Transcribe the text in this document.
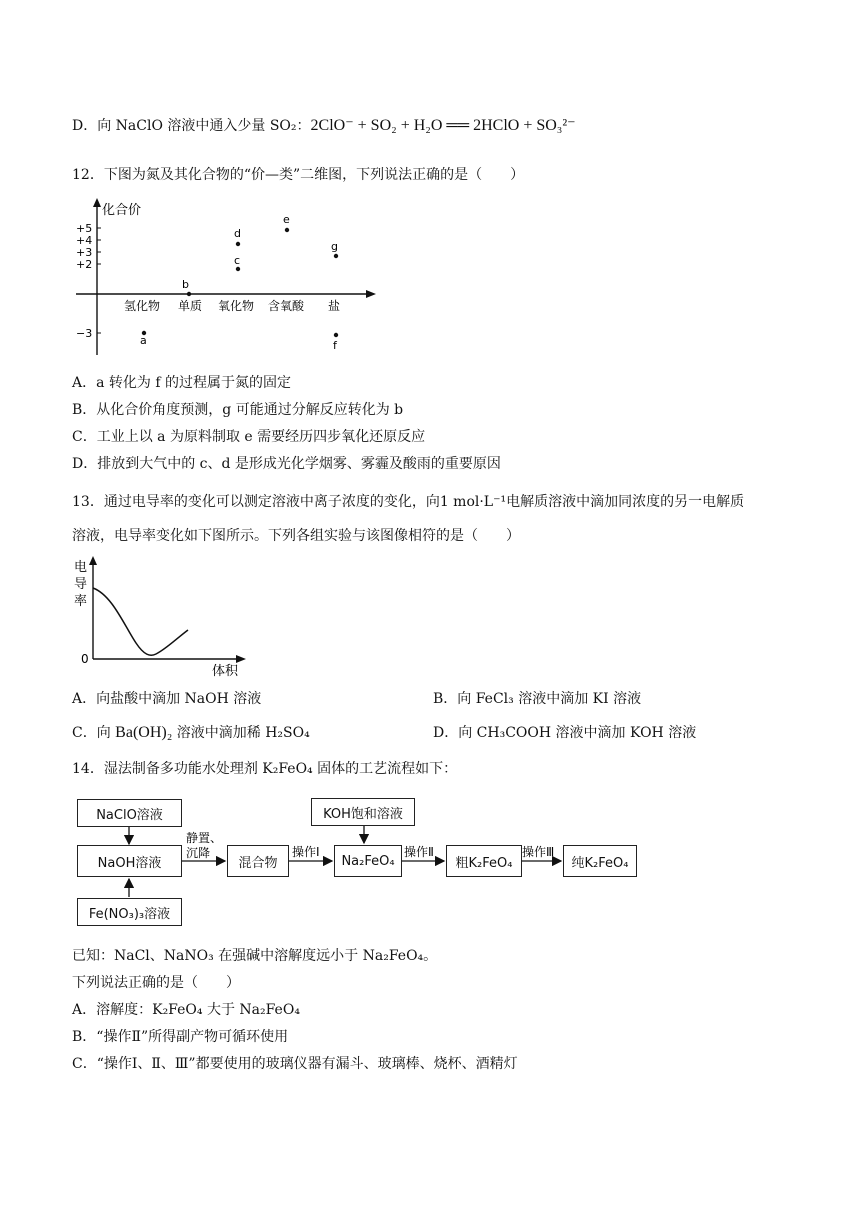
D．向 NaClO 溶液中通入少量 SO₂：2ClO⁻ + SO₂ + H₂O ══ 2HClO + SO₃²⁻
12．下图为氮及其化合物的“价—类”二维图，下列说法正确的是（　　）
化合价
+5
+4
+3
+2
−3
氢化物 单质 氧化物 含氧酸 盐
a
b
c
d
e
f
g
A．a 转化为 f 的过程属于氮的固定
B．从化合价角度预测，g 可能通过分解反应转化为 b
C．工业上以 a 为原料制取 e 需要经历四步氧化还原反应
D．排放到大气中的 c、d 是形成光化学烟雾、雾霾及酸雨的重要原因
13．通过电导率的变化可以测定溶液中离子浓度的变化，向1 mol·L⁻¹电解质溶液中滴加同浓度的另一电解质
溶液，电导率变化如下图所示。下列各组实验与该图像相符的是（　　）
电
导
率
0
体积
A．向盐酸中滴加 NaOH 溶液	B．向 FeCl₃ 溶液中滴加 KI 溶液
C．向 Ba(OH)₂ 溶液中滴加稀 H₂SO₄	D．向 CH₃COOH 溶液中滴加 KOH 溶液
14．湿法制备多功能水处理剂 K₂FeO₄ 固体的工艺流程如下：
NaClO溶液
NaOH溶液
Fe(NO₃)₃溶液
KOH饱和溶液
混合物	Na₂FeO₄	粗K₂FeO₄	纯K₂FeO₄
静置、
沉降	操作Ⅰ	操作Ⅱ	操作Ⅲ
已知：NaCl、NaNO₃ 在强碱中溶解度远小于 Na₂FeO₄。
下列说法正确的是（　　）
A．溶解度：K₂FeO₄ 大于 Na₂FeO₄
B．“操作Ⅱ”所得副产物可循环使用
C．“操作Ⅰ、Ⅱ、Ⅲ”都要使用的玻璃仪器有漏斗、玻璃棒、烧杯、酒精灯
